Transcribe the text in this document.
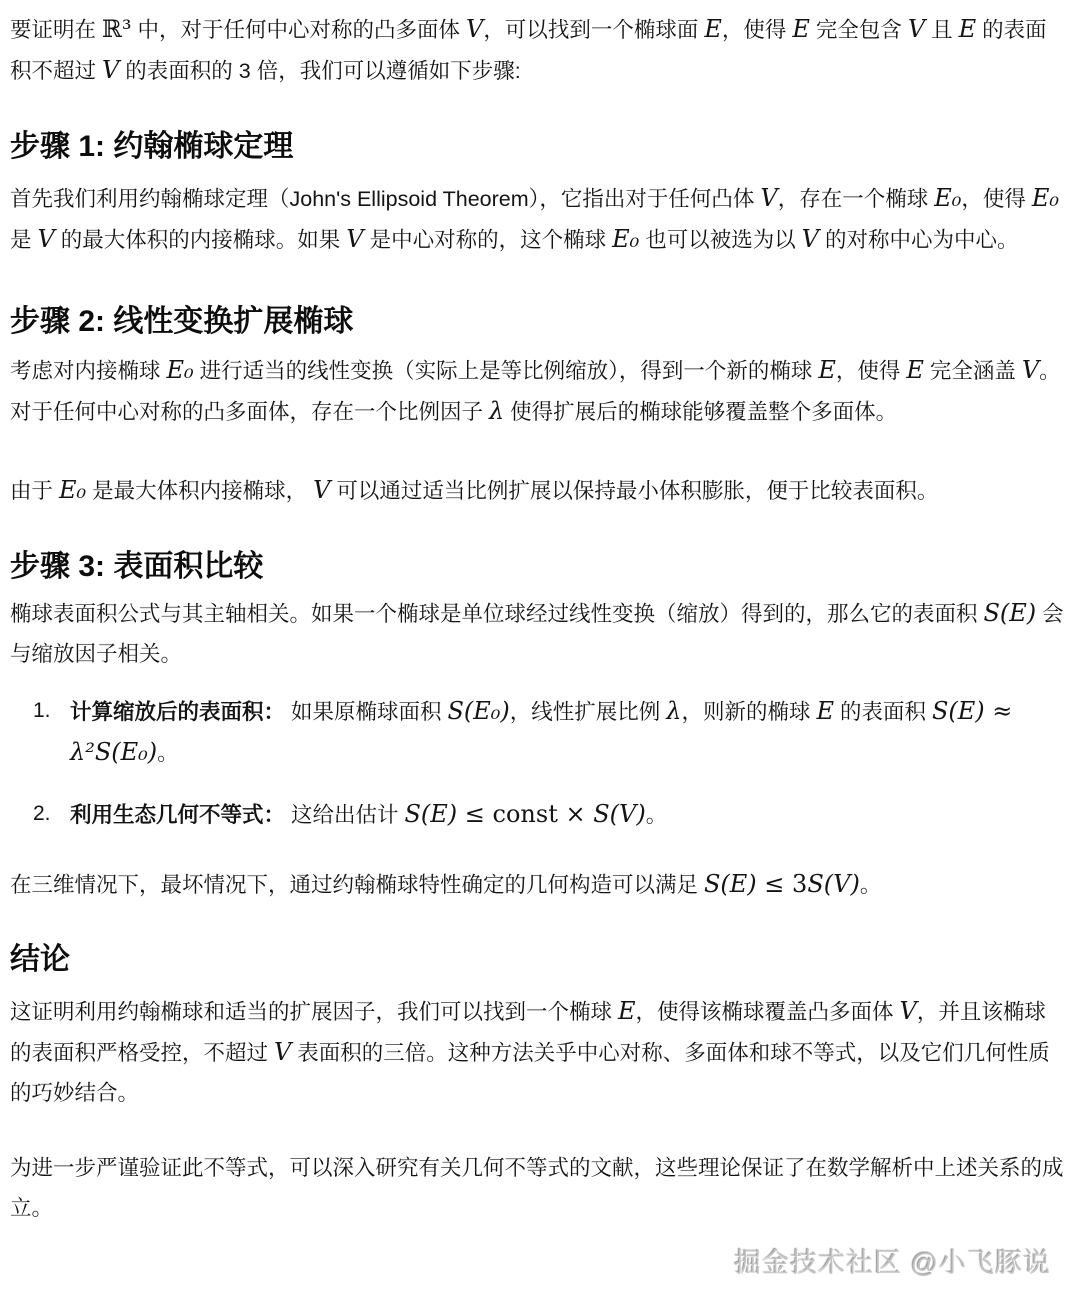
要证明在 ℝ³ 中，对于任何中心对称的凸多面体 V，可以找到一个椭球面 E，使得 E 完全包含 V 且 E 的表面积不超过 V 的表面积的 3 倍，我们可以遵循如下步骤:

步骤 1: 约翰椭球定理

首先我们利用约翰椭球定理（John's Ellipsoid Theorem），它指出对于任何凸体 V，存在一个椭球 E₀，使得 E₀ 是 V 的最大体积的内接椭球。如果 V 是中心对称的，这个椭球 E₀ 也可以被选为以 V 的对称中心为中心。

步骤 2: 线性变换扩展椭球

考虑对内接椭球 E₀ 进行适当的线性变换（实际上是等比例缩放），得到一个新的椭球 E，使得 E 完全涵盖 V。对于任何中心对称的凸多面体，存在一个比例因子 λ 使得扩展后的椭球能够覆盖整个多面体。

由于 E₀ 是最大体积内接椭球， V 可以通过适当比例扩展以保持最小体积膨胀，便于比较表面积。

步骤 3: 表面积比较

椭球表面积公式与其主轴相关。如果一个椭球是单位球经过线性变换（缩放）得到的，那么它的表面积 S(E) 会与缩放因子相关。

1. 计算缩放后的表面积： 如果原椭球面积 S(E₀)，线性扩展比例 λ，则新的椭球 E 的表面积 S(E) ≈ λ²S(E₀)。
2. 利用生态几何不等式： 这给出估计 S(E) ≤ const × S(V)。

在三维情况下，最坏情况下，通过约翰椭球特性确定的几何构造可以满足 S(E) ≤ 3S(V)。

结论

这证明利用约翰椭球和适当的扩展因子，我们可以找到一个椭球 E，使得该椭球覆盖凸多面体 V，并且该椭球的表面积严格受控，不超过 V 表面积的三倍。这种方法关乎中心对称、多面体和球不等式，以及它们几何性质的巧妙结合。

为进一步严谨验证此不等式，可以深入研究有关几何不等式的文献，这些理论保证了在数学解析中上述关系的成立。

掘金技术社区 @小飞豚说
